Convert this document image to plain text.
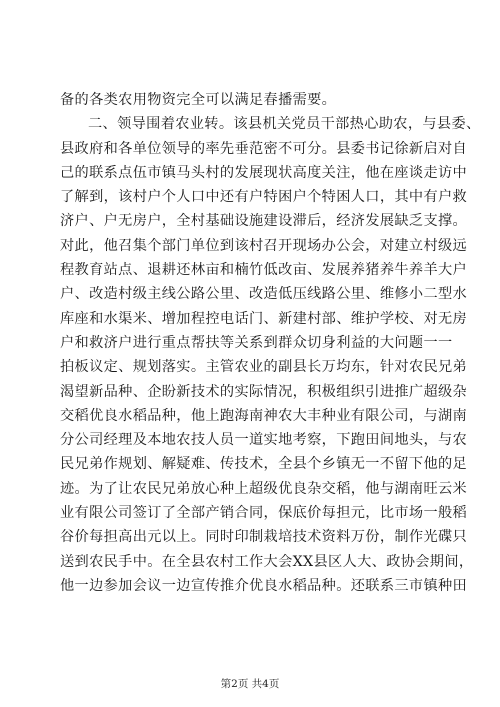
备的各类农用物资完全可以满足春播需要。
二、领导围着农业转。该县机关党员干部热心助农，与县委、
县政府和各单位领导的率先垂范密不可分。县委书记徐新启对自
己的联系点伍市镇马头村的发展现状高度关注，他在座谈走访中
了解到，该村户个人口中还有户特困户个特困人口，其中有户救
济户、户无房户，全村基础设施建设滞后，经济发展缺乏支撑。
对此，他召集个部门单位到该村召开现场办公会，对建立村级远
程教育站点、退耕还林亩和楠竹低改亩、发展养猪养牛养羊大户
户、改造村级主线公路公里、改造低压线路公里、维修小二型水
库座和水渠米、增加程控电话门、新建村部、维护学校、对无房
户和救济户进行重点帮扶等关系到群众切身利益的大问题一一
拍板议定、规划落实。主管农业的副县长万均东，针对农民兄弟
渴望新品种、企盼新技术的实际情况，积极组织引进推广超级杂
交稻优良水稻品种，他上跑海南神农大丰种业有限公司，与湖南
分公司经理及本地农技人员一道实地考察，下跑田间地头，与农
民兄弟作规划、解疑难、传技术，全县个乡镇无一不留下他的足
迹。为了让农民兄弟放心种上超级优良杂交稻，他与湖南旺云米
业有限公司签订了全部产销合同，保底价每担元，比市场一般稻
谷价每担高出元以上。同时印制栽培技术资料万份，制作光碟只
送到农民手中。在全县农村工作大会XX县区人大、政协会期间，
他一边参加会议一边宣传推介优良水稻品种。还联系三市镇种田
第2页 共4页
